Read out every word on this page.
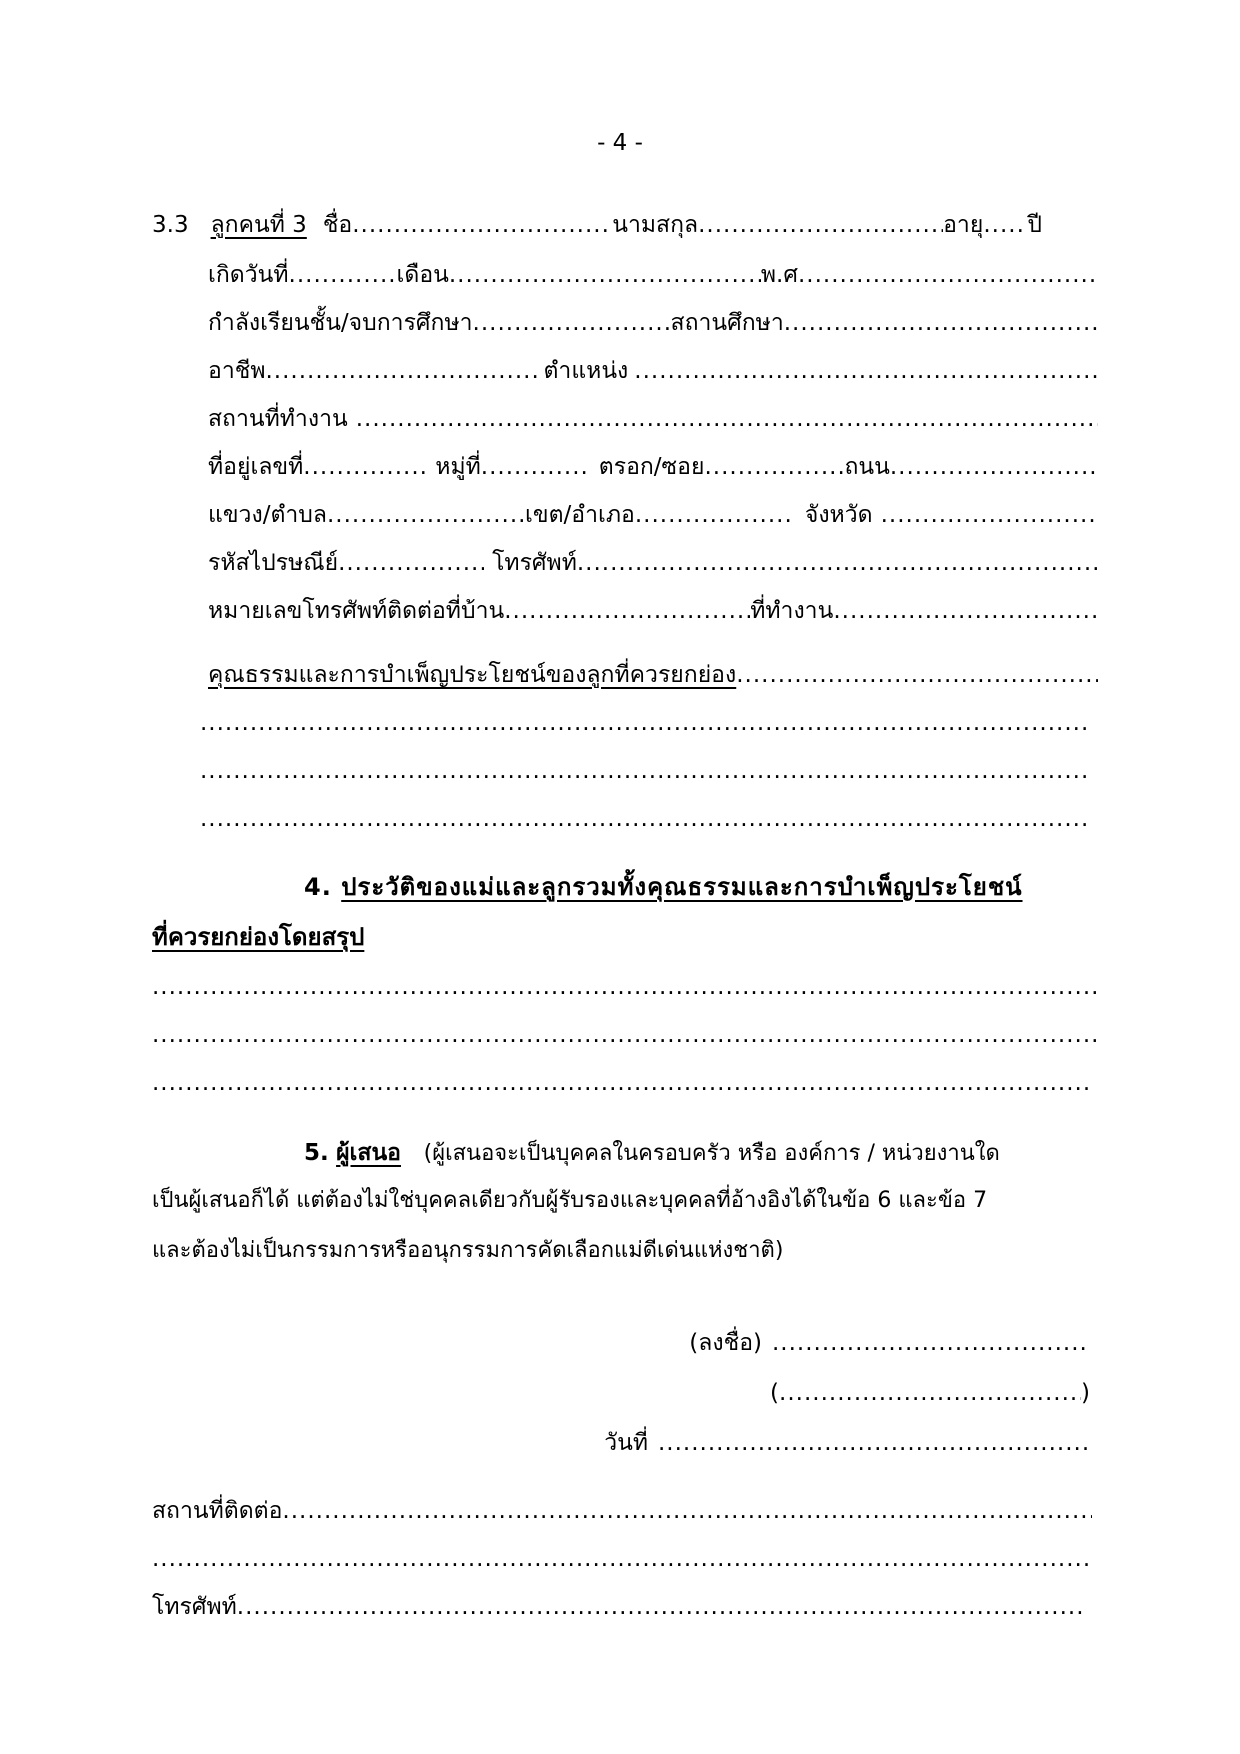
- 4 -
3.3 ลูกคนที่ 3 ชื่อ .....	นามสกุล .....	อายุ ..... ปี
เกิดวันที่ .....	เดือน .....	พ.ศ
.....
กำลังเรียนชั้น/จบการศึกษา .....	สถานศึกษา
.....
อาชีพ .....	ตำแหน่ง
.....
สถานที่ทำงาน
.....
ที่อยู่เลขที่ .....	หมู่ที่ .....	ตรอก/ซอย .....	ถนน
.....
แขวง/ตำบล .....	เขต/อำเภอ .....	จังหวัด
.....
รหัสไปรษณีย์ .....	โทรศัพท์
.....
หมายเลขโทรศัพท์ติดต่อที่บ้าน .....	ที่ทำงาน
.....
คุณธรรมและการบำเพ็ญประโยชน์ของลูกที่ควรยกย่อง
.....
.....
.....
.....
4. ประวัติของแม่และลูกรวมทั้งคุณธรรมและการบำเพ็ญประโยชน์
ที่ควรยกย่องโดยสรุป
.....
.....
.....
5. ผู้เสนอ (ผู้เสนอจะเป็นบุคคลในครอบครัว หรือ องค์การ / หน่วยงานใด
เป็นผู้เสนอก็ได้ แต่ต้องไม่ใช่บุคคลเดียวกับผู้รับรองและบุคคลที่อ้างอิงได้ในข้อ 6 และข้อ 7
และต้องไม่เป็นกรรมการหรืออนุกรรมการคัดเลือกแม่ดีเด่นแห่งชาติ)
(ลงชื่อ)
.....
( .....	)
วันที่
.....
สถานที่ติดต่อ
.....
.....
โทรศัพท์
.....
